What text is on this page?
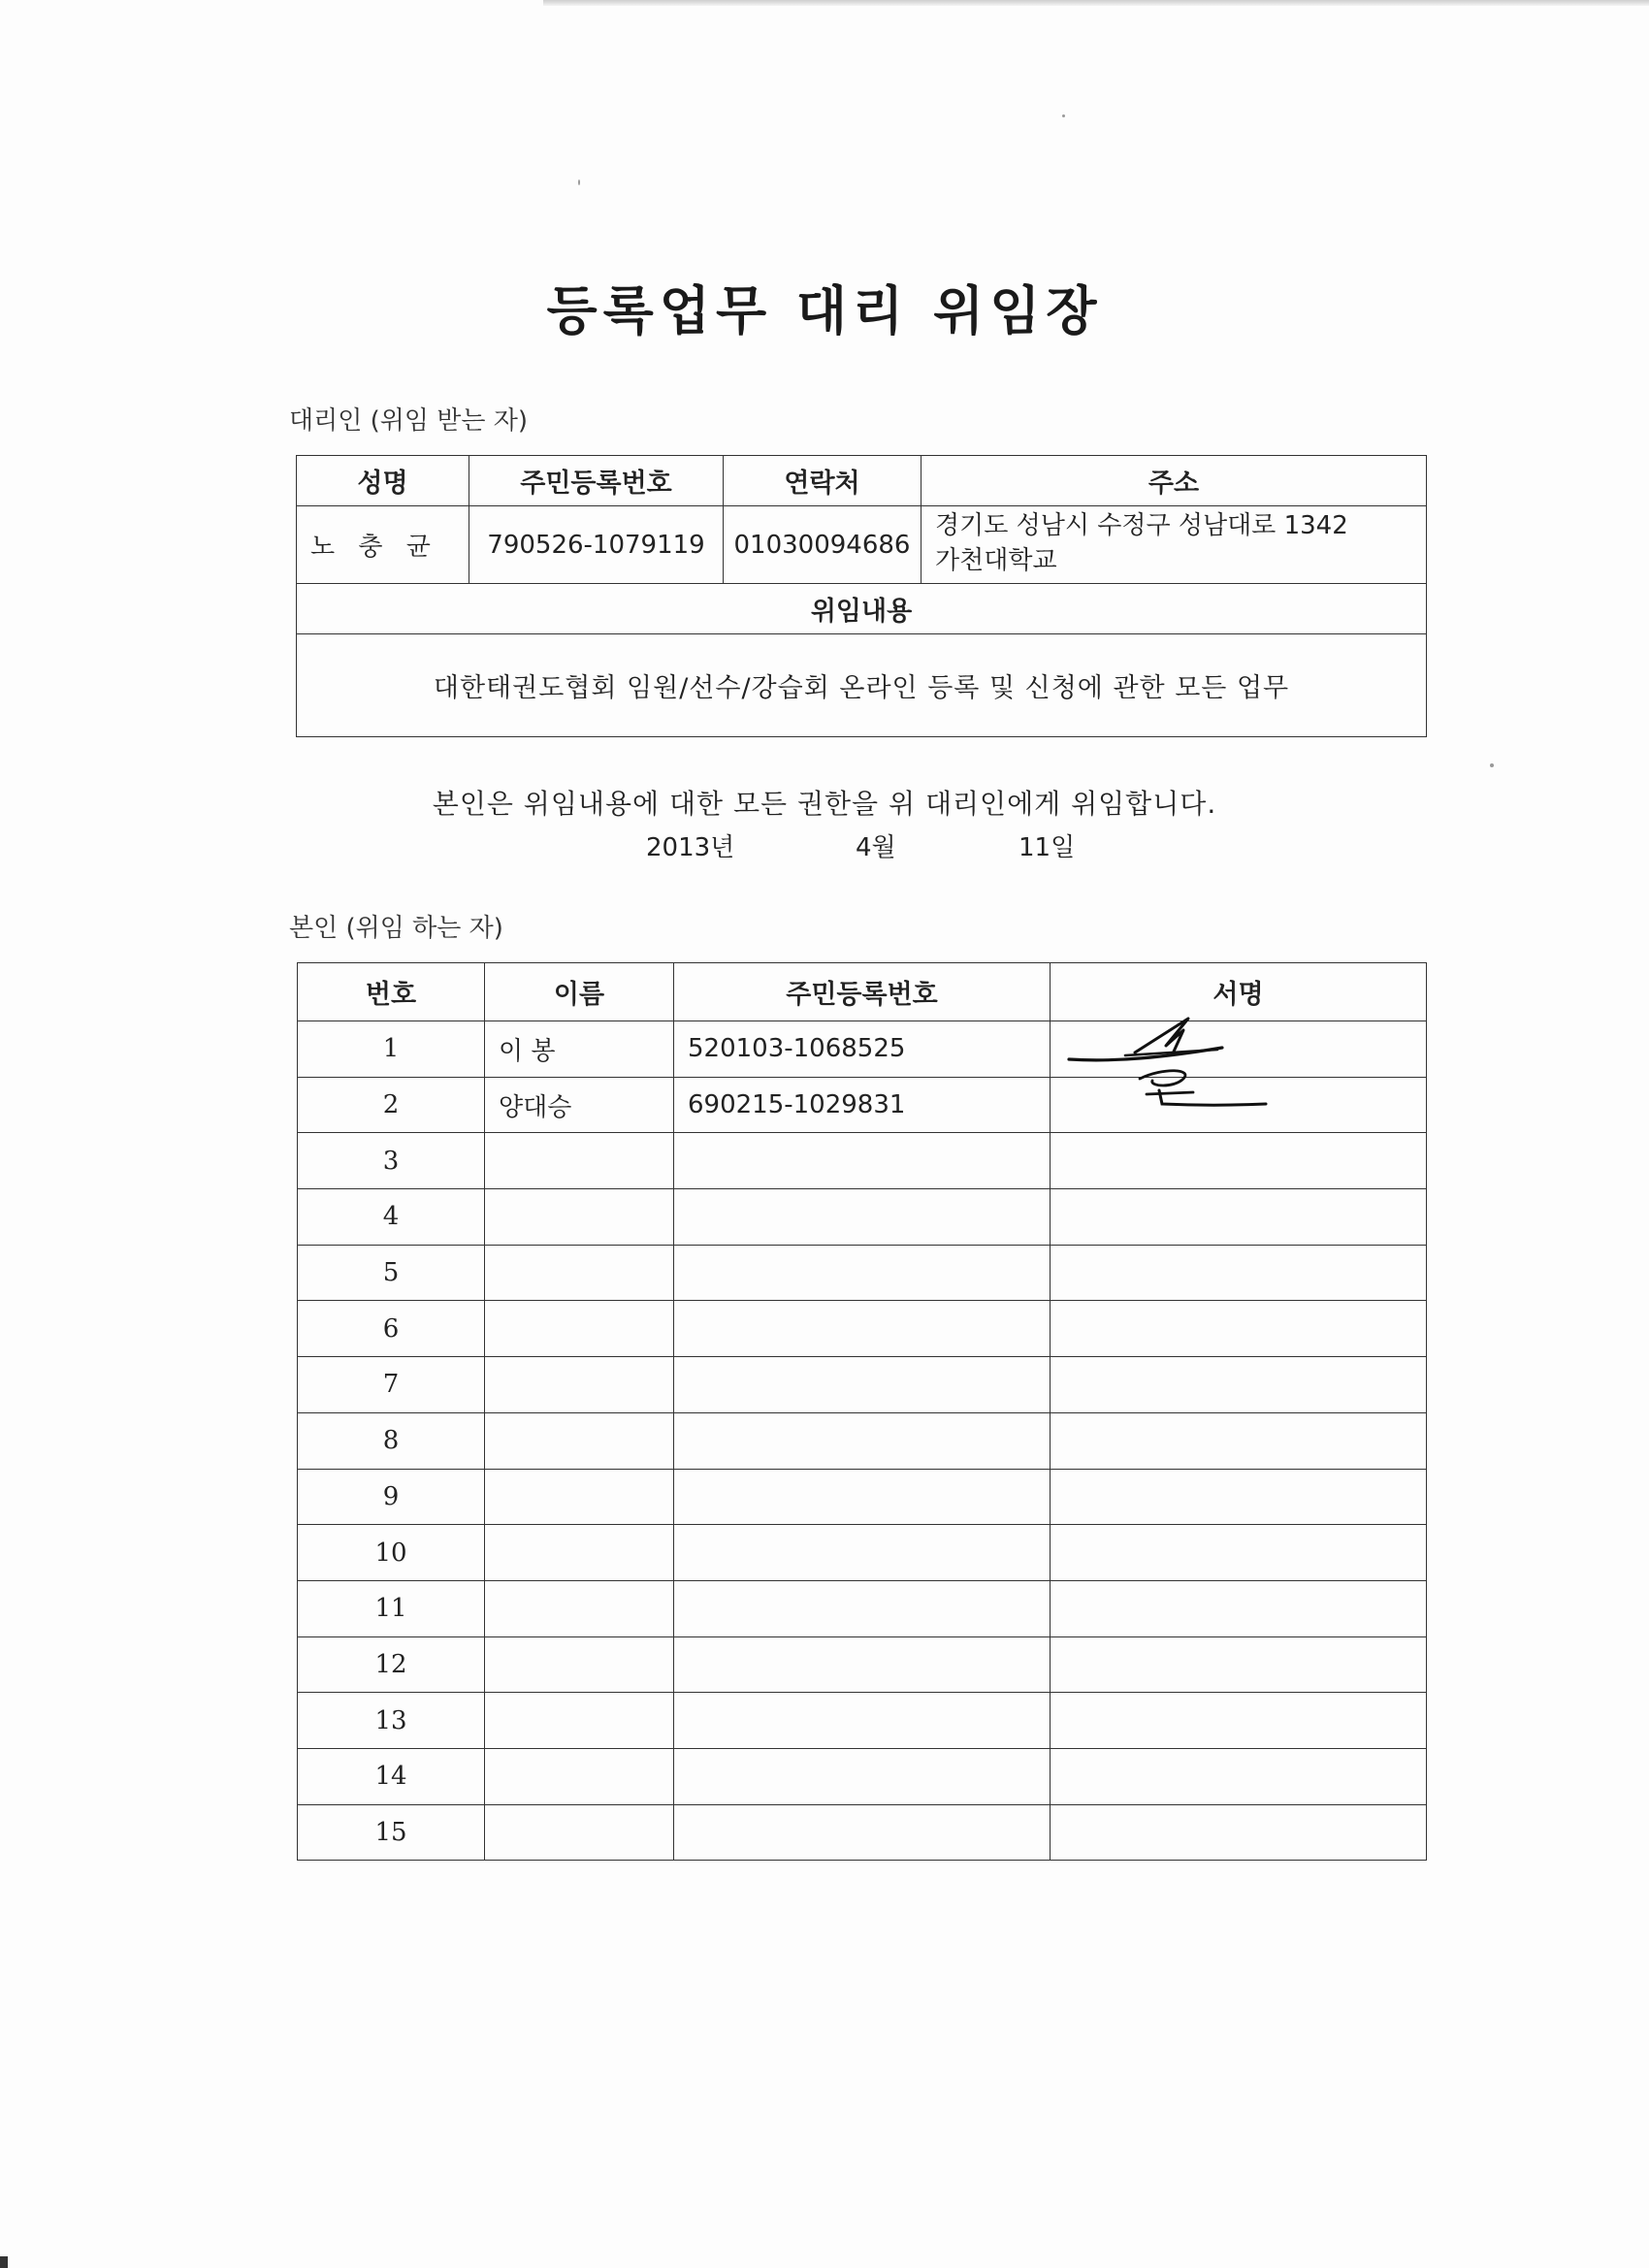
등록업무 대리 위임장
대리인 (위임 받는 자)
성명	주민등록번호	연락처	주소
노 충 균	790526-1079119	01030094686	경기도 성남시 수정구 성남대로 1342
가천대학교

위임내용			
대한태권도협회 임원/선수/강습회 온라인 등록 및 신청에 관한 모든 업무			
본인은 위임내용에 대한 모든 권한을 위 대리인에게 위임합니다.
2013년	4월	11일
본인 (위임 하는 자)
번호	이름	주민등록번호	서명
1	이 봉	520103-1068525	
2	양대승	690215-1029831	
3			
4			
5			
6			
7			
8			
9			
10			
11			
12			
13			
14			
15			
